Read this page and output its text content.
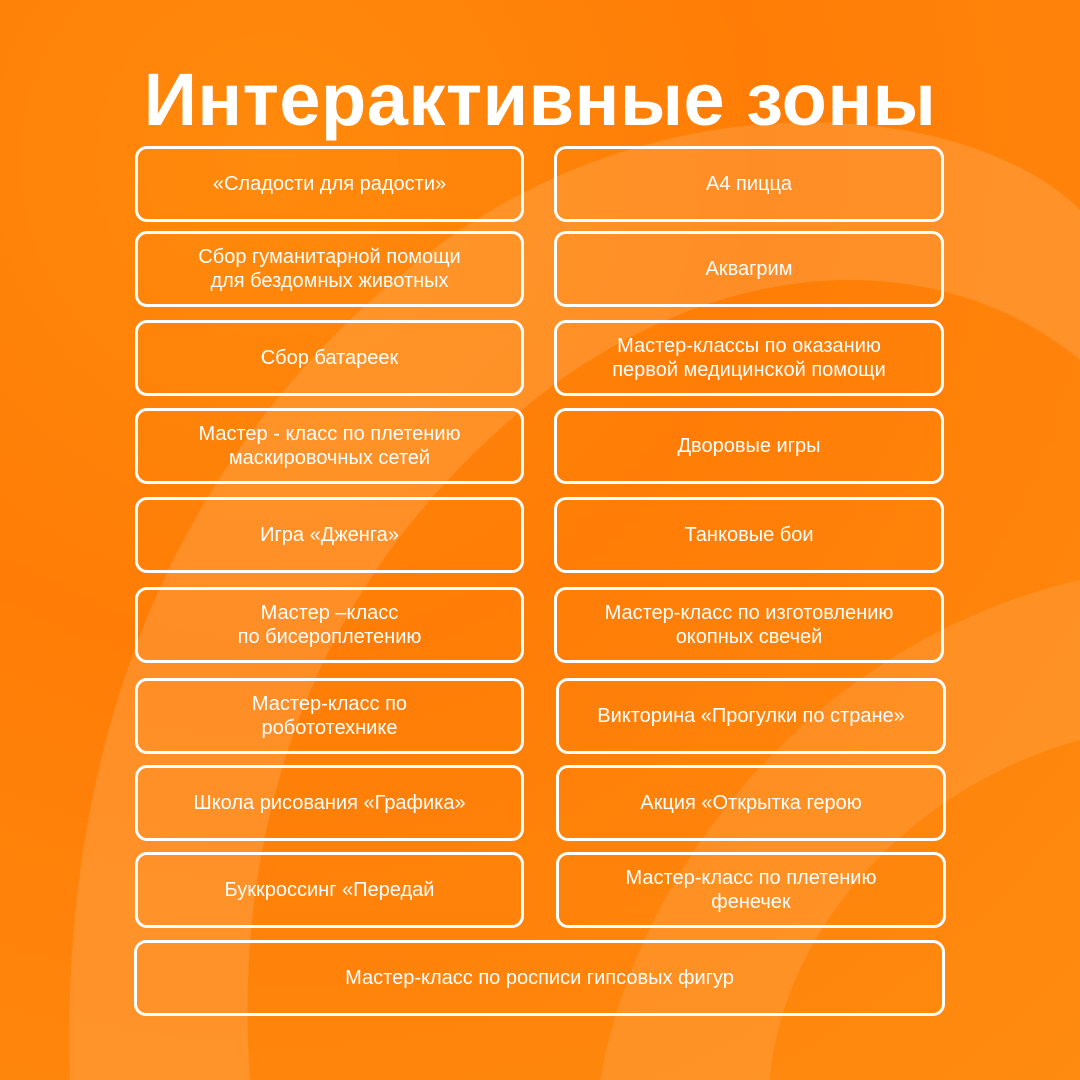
Интерактивные зоны
«Сладости для радости»
Сбор гуманитарной помощи
для бездомных животных
Сбор батареек
Мастер - класс по плетению
маскировочных сетей
Игра «Дженга»
Мастер –класс
по бисероплетению
Мастер-класс по
робототехнике
Школа рисования «Графика»
Буккроссинг «Передай
А4 пицца
Аквагрим
Мастер-классы по оказанию
первой медицинской помощи
Дворовые игры
Танковые бои
Мастер-класс по изготовлению
окопных свечей
Викторина «Прогулки по стране»
Акция «Открытка герою
Мастер-класс по плетению
фенечек
Мастер-класс по росписи гипсовых фигур
